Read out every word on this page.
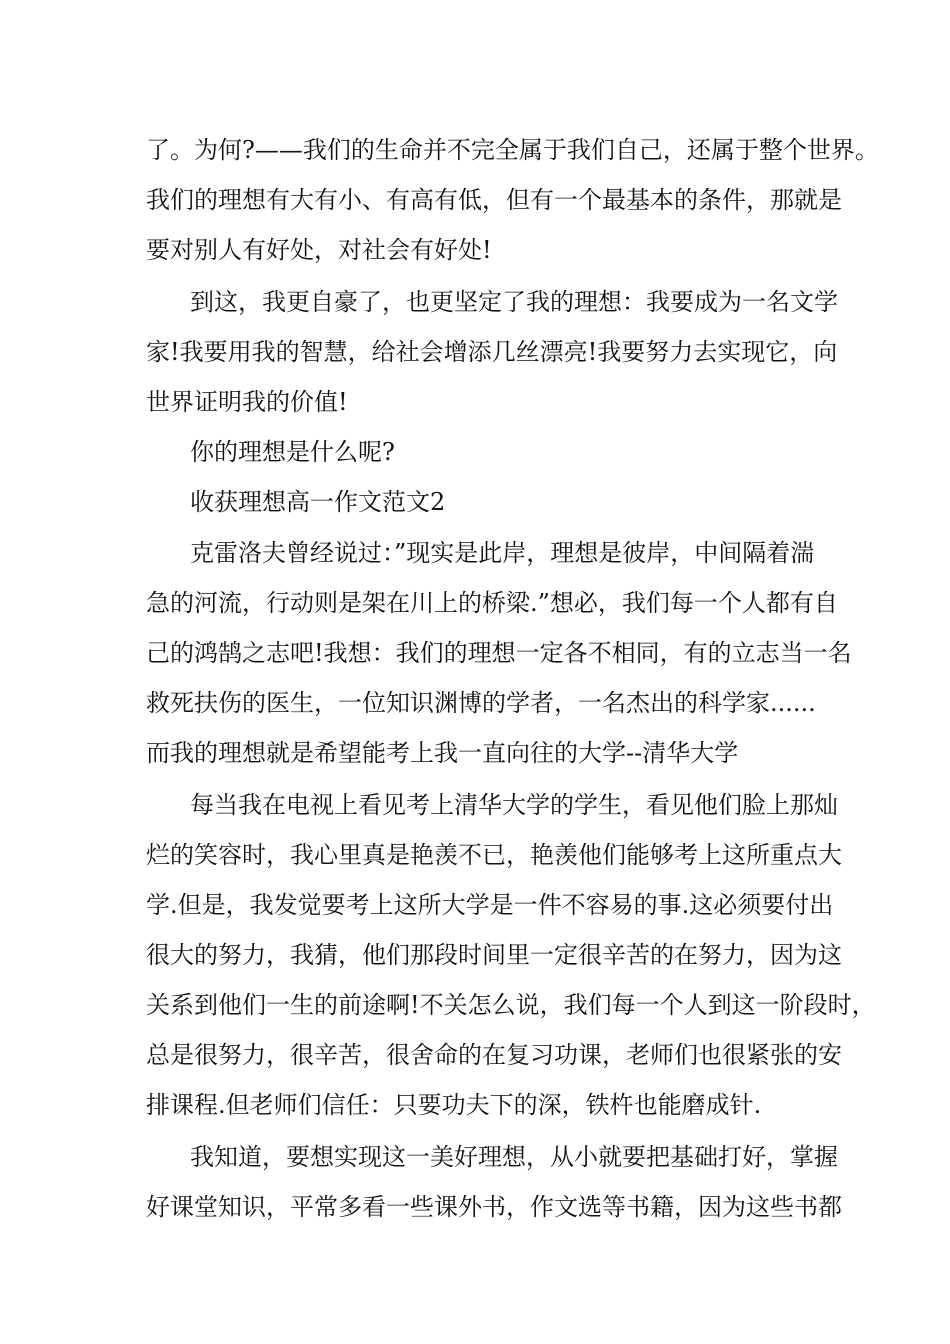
了。为何?——我们的生命并不完全属于我们自己，还属于整个世界。
我们的理想有大有小、有高有低，但有一个最基本的条件，那就是
要对别人有好处，对社会有好处!
到这，我更自豪了，也更坚定了我的理想：我要成为一名文学
家!我要用我的智慧，给社会增添几丝漂亮!我要努力去实现它，向
世界证明我的价值!
你的理想是什么呢?
收获理想高一作文范文2
克雷洛夫曾经说过：”现实是此岸，理想是彼岸，中间隔着湍
急的河流，行动则是架在川上的桥梁.”想必，我们每一个人都有自
己的鸿鹄之志吧!我想：我们的理想一定各不相同，有的立志当一名
救死扶伤的医生，一位知识渊博的学者，一名杰出的科学家......
而我的理想就是希望能考上我一直向往的大学--清华大学
每当我在电视上看见考上清华大学的学生，看见他们脸上那灿
烂的笑容时，我心里真是艳羡不已，艳羡他们能够考上这所重点大
学.但是，我发觉要考上这所大学是一件不容易的事.这必须要付出
很大的努力，我猜，他们那段时间里一定很辛苦的在努力，因为这
关系到他们一生的前途啊!不关怎么说，我们每一个人到这一阶段时，
总是很努力，很辛苦，很舍命的在复习功课，老师们也很紧张的安
排课程.但老师们信任：只要功夫下的深，铁杵也能磨成针.
我知道，要想实现这一美好理想，从小就要把基础打好，掌握
好课堂知识，平常多看一些课外书，作文选等书籍，因为这些书都
